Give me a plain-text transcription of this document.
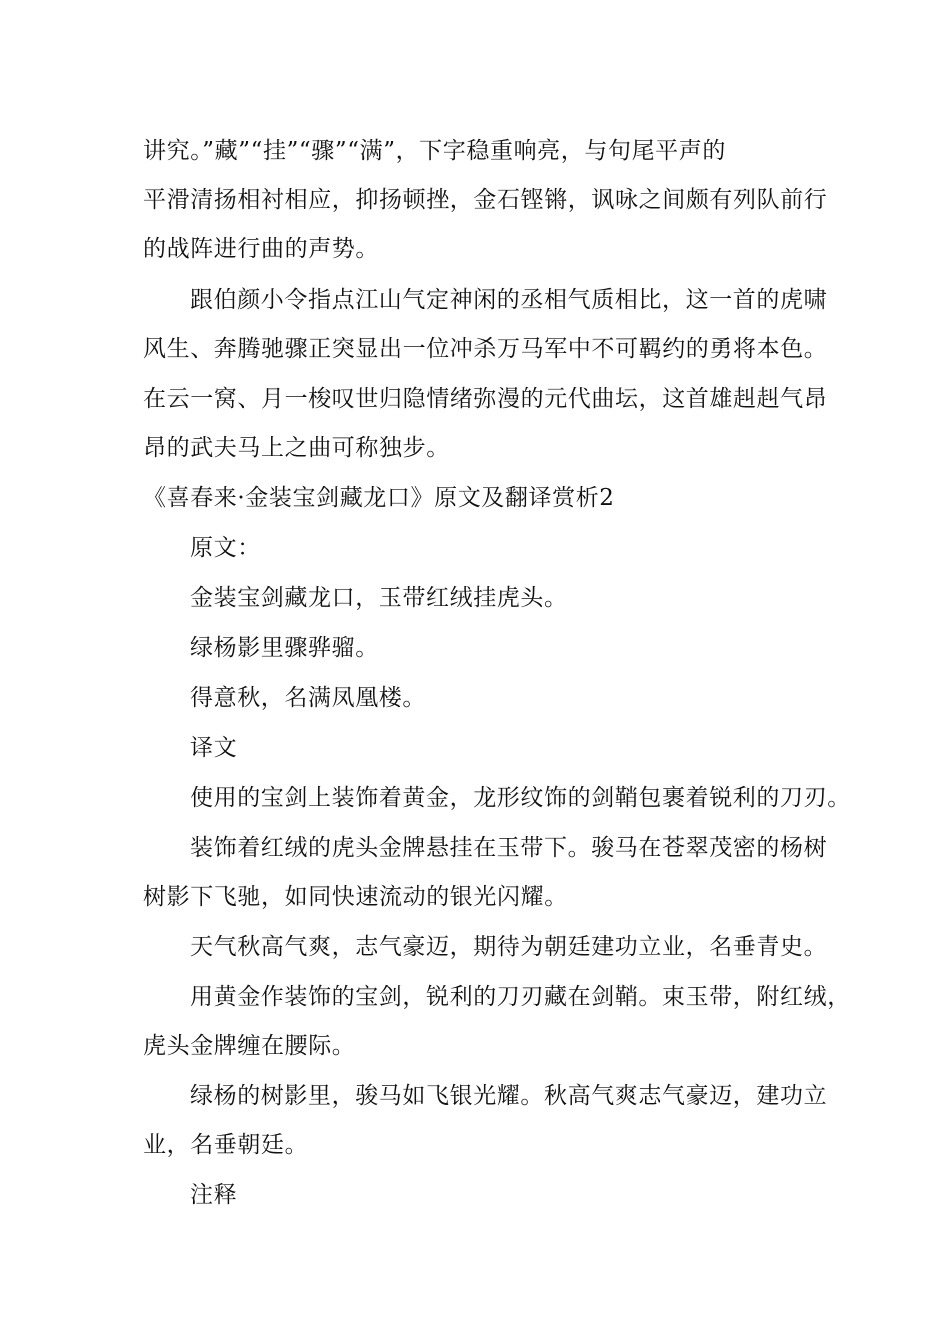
讲究。”藏”“挂”“骤”“满”，下字稳重响亮，与句尾平声的
平滑清扬相衬相应，抑扬顿挫，金石铿锵，讽咏之间颇有列队前行
的战阵进行曲的声势。
跟伯颜小令指点江山气定神闲的丞相气质相比，这一首的虎啸
风生、奔腾驰骤正突显出一位冲杀万马军中不可羁约的勇将本色。
在云一窝、月一梭叹世归隐情绪弥漫的元代曲坛，这首雄赳赳气昂
昂的武夫马上之曲可称独步。
《喜春来·金装宝剑藏龙口》原文及翻译赏析2
原文：
金装宝剑藏龙口，玉带红绒挂虎头。
绿杨影里骤骅骝。
得意秋，名满凤凰楼。
译文
使用的宝剑上装饰着黄金，龙形纹饰的剑鞘包裹着锐利的刀刃。
装饰着红绒的虎头金牌悬挂在玉带下。骏马在苍翠茂密的杨树
树影下飞驰，如同快速流动的银光闪耀。
天气秋高气爽，志气豪迈，期待为朝廷建功立业，名垂青史。
用黄金作装饰的宝剑，锐利的刀刃藏在剑鞘。束玉带，附红绒，
虎头金牌缠在腰际。
绿杨的树影里，骏马如飞银光耀。秋高气爽志气豪迈，建功立
业，名垂朝廷。
注释
